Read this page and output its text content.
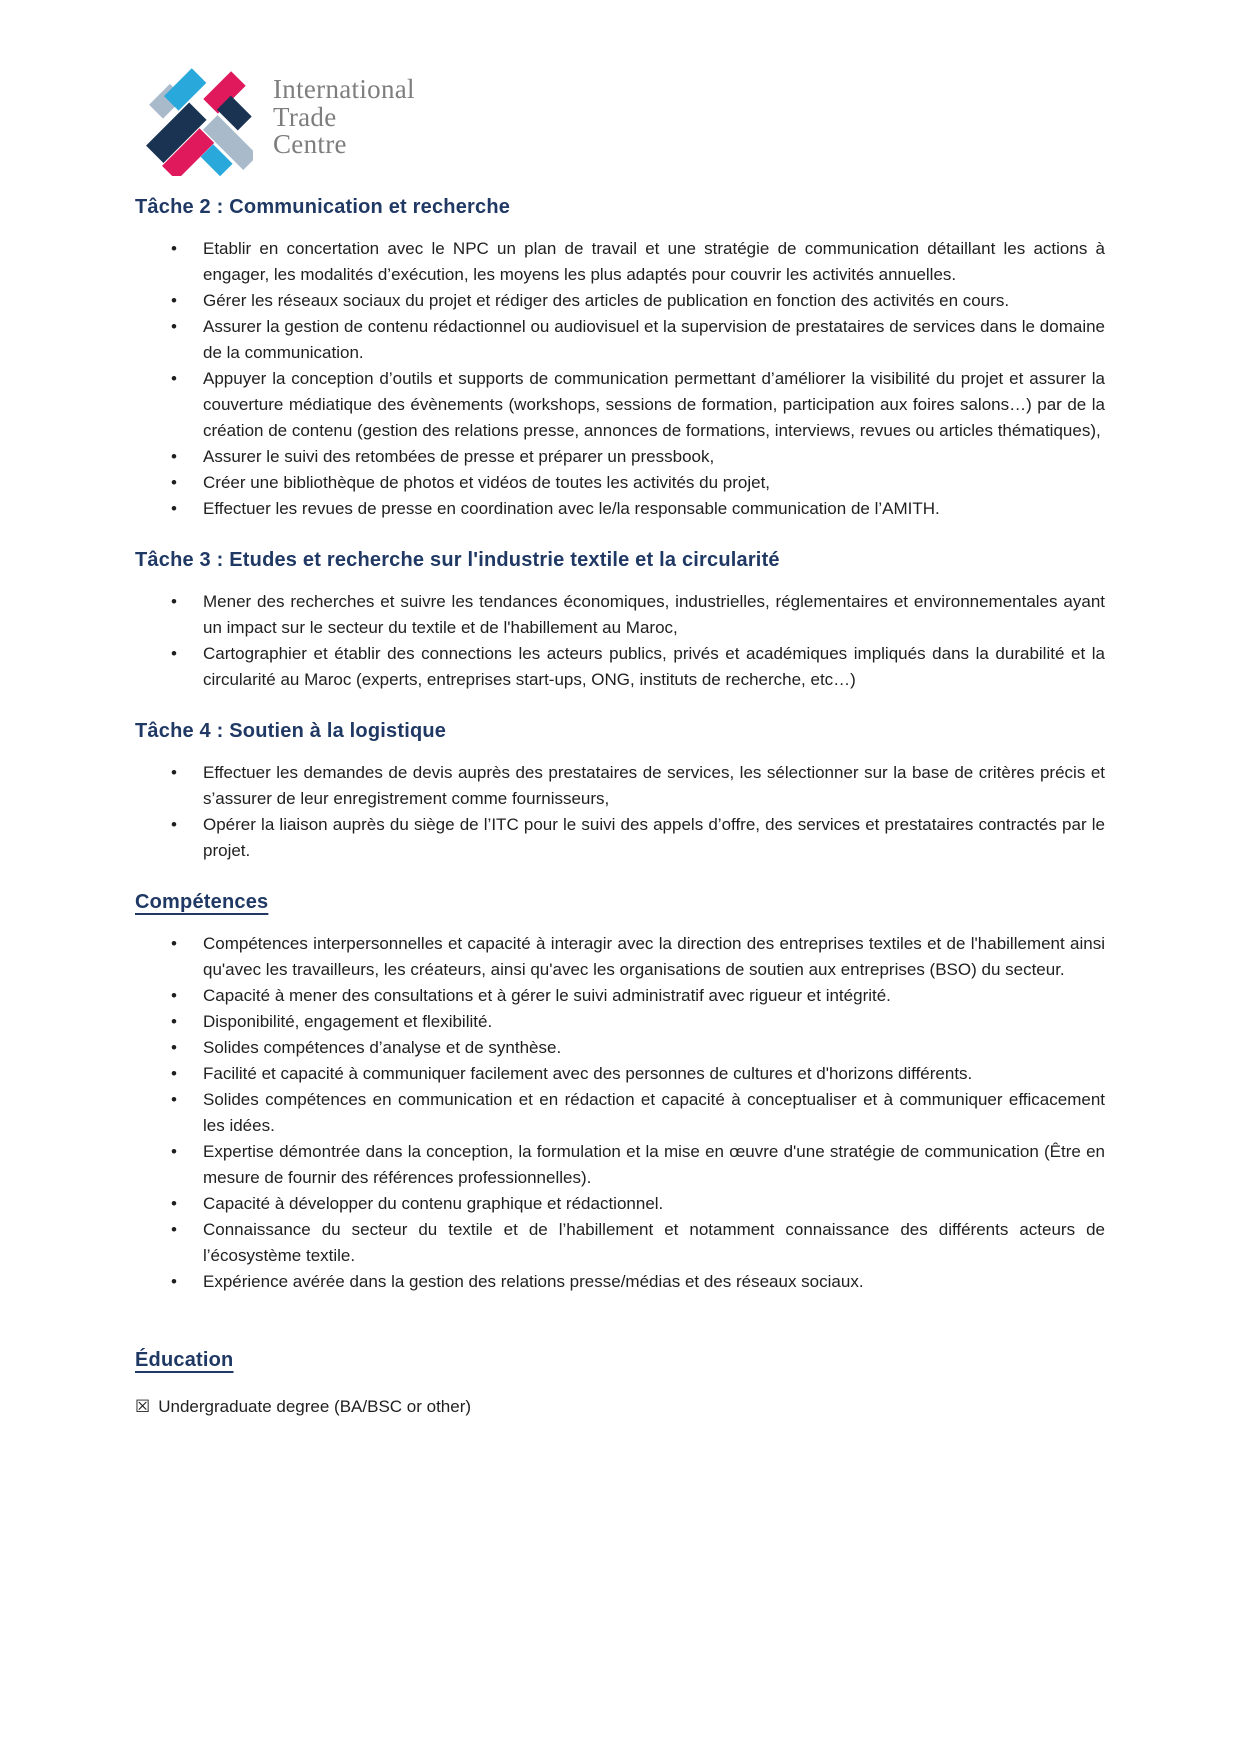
International
Trade
Centre
Tâche 2 : Communication et recherche
• Etablir en concertation avec le NPC un plan de travail et une stratégie de communication détaillant les actions à engager, les modalités d’exécution, les moyens les plus adaptés pour couvrir les activités annuelles.
• Gérer les réseaux sociaux du projet et rédiger des articles de publication en fonction des activités en cours.
• Assurer la gestion de contenu rédactionnel ou audiovisuel et la supervision de prestataires de services dans le domaine de la communication.
• Appuyer la conception d’outils et supports de communication permettant d’améliorer la visibilité du projet et assurer la couverture médiatique des évènements (workshops, sessions de formation, participation aux foires salons…) par de la création de contenu (gestion des relations presse, annonces de formations, interviews, revues ou articles thématiques),
• Assurer le suivi des retombées de presse et préparer un pressbook,
• Créer une bibliothèque de photos et vidéos de toutes les activités du projet,
• Effectuer les revues de presse en coordination avec le/la responsable communication de l’AMITH.
Tâche 3 : Etudes et recherche sur l'industrie textile et la circularité
• Mener des recherches et suivre les tendances économiques, industrielles, réglementaires et environnementales ayant un impact sur le secteur du textile et de l'habillement au Maroc,
• Cartographier et établir des connections les acteurs publics, privés et académiques impliqués dans la durabilité et la circularité au Maroc (experts, entreprises start-ups, ONG, instituts de recherche, etc…)
Tâche 4 : Soutien à la logistique
• Effectuer les demandes de devis auprès des prestataires de services, les sélectionner sur la base de critères précis et s’assurer de leur enregistrement comme fournisseurs,
• Opérer la liaison auprès du siège de l’ITC pour le suivi des appels d’offre, des services et prestataires contractés par le projet.
Compétences
• Compétences interpersonnelles et capacité à interagir avec la direction des entreprises textiles et de l'habillement ainsi qu'avec les travailleurs, les créateurs, ainsi qu'avec les organisations de soutien aux entreprises (BSO) du secteur.
• Capacité à mener des consultations et à gérer le suivi administratif avec rigueur et intégrité.
• Disponibilité, engagement et flexibilité.
• Solides compétences d’analyse et de synthèse.
• Facilité et capacité à communiquer facilement avec des personnes de cultures et d'horizons différents.
• Solides compétences en communication et en rédaction et capacité à conceptualiser et à communiquer efficacement les idées.
• Expertise démontrée dans la conception, la formulation et la mise en œuvre d'une stratégie de communication (Être en mesure de fournir des références professionnelles).
• Capacité à développer du contenu graphique et rédactionnel.
• Connaissance du secteur du textile et de l’habillement et notamment connaissance des différents acteurs de l’écosystème textile.
• Expérience avérée dans la gestion des relations presse/médias et des réseaux sociaux.
Éducation

☒ Undergraduate degree (BA/BSC or other)
